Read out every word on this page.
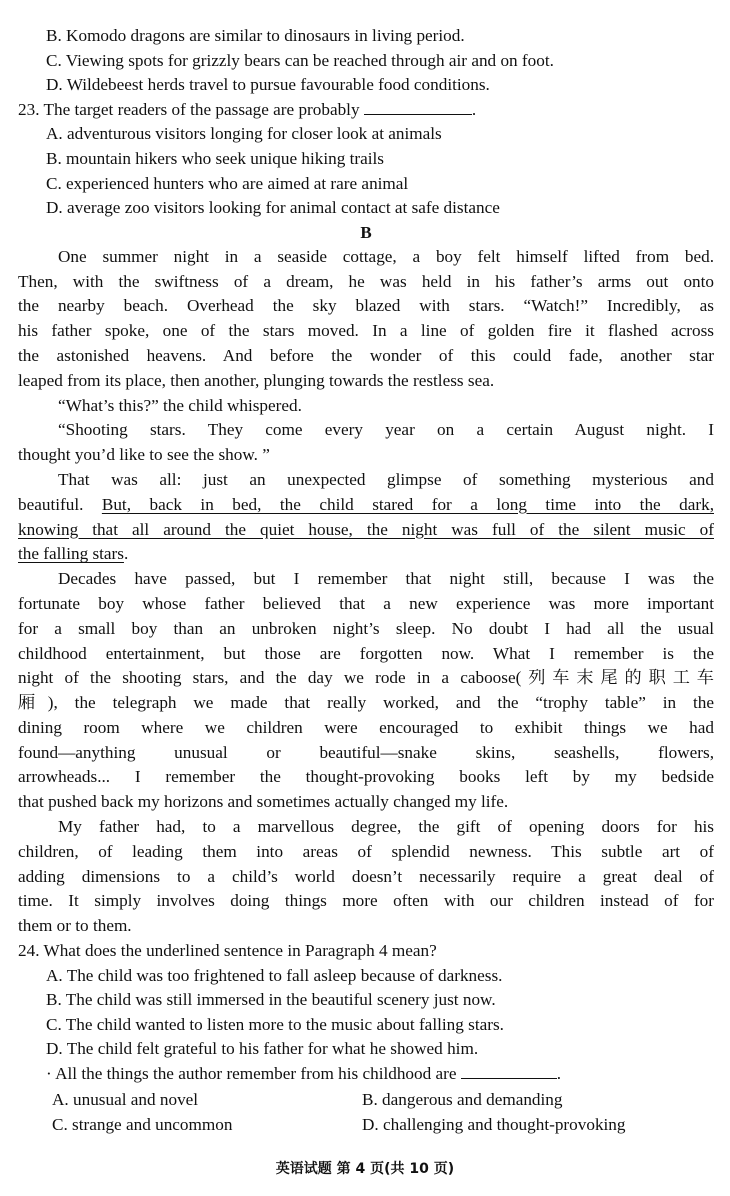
B. Komodo dragons are similar to dinosaurs in living period.

C. Viewing spots for grizzly bears can be reached through air and on foot.

D. Wildebeest herds travel to pursue favourable food conditions.

23. The target readers of the passage are probably	.

A. adventurous visitors longing for closer look at animals

B. mountain hikers who seek unique hiking trails

C. experienced hunters who are aimed at rare animal

D. average zoo visitors looking for animal contact at safe distance

B

One summer night in a seaside cottage, a boy felt himself lifted from bed.

Then, with the swiftness of a dream, he was held in his father’s arms out onto

the nearby beach. Overhead the sky blazed with stars. “Watch!” Incredibly, as

his father spoke, one of the stars moved. In a line of golden fire it flashed across

the astonished heavens. And before the wonder of this could fade, another star

leaped from its place, then another, plunging towards the restless sea.

“What’s this?” the child whispered.

“Shooting stars. They come every year on a certain August night. I

thought you’d like to see the show. ”

That was all: just an unexpected glimpse of something mysterious and

beautiful. But, back in bed, the child stared for a long time into the dark,

knowing that all around the quiet house, the night was full of the silent music of

the falling stars.

Decades have passed, but I remember that night still, because I was the

fortunate boy whose father believed that a new experience was more important

for a small boy than an unbroken night’s sleep. No doubt I had all the usual

childhood entertainment, but those are forgotten now. What I remember is the

night of the shooting stars, and the day we rode in a caboose(列车末尾的职工车

厢), the telegraph we made that really worked, and the “trophy table” in the

dining room where we children were encouraged to exhibit things we had

found—anything unusual or beautiful—snake skins, seashells, flowers,

arrowheads... I remember the thought-provoking books left by my bedside

that pushed back my horizons and sometimes actually changed my life.

My father had, to a marvellous degree, the gift of opening doors for his

children, of leading them into areas of splendid newness. This subtle art of

adding dimensions to a child’s world doesn’t necessarily require a great deal of

time. It simply involves doing things more often with our children instead of for

them or to them.

24. What does the underlined sentence in Paragraph 4 mean?

A. The child was too frightened to fall asleep because of darkness.

B. The child was still immersed in the beautiful scenery just now.

C. The child wanted to listen more to the music about falling stars.

D. The child felt grateful to his father for what he showed him.

· All the things the author remember from his childhood are	.

A. unusual and novel	B. dangerous and demanding
C. strange and uncommon	D. challenging and thought-provoking
英语试题 第 4 页(共 10 页)
